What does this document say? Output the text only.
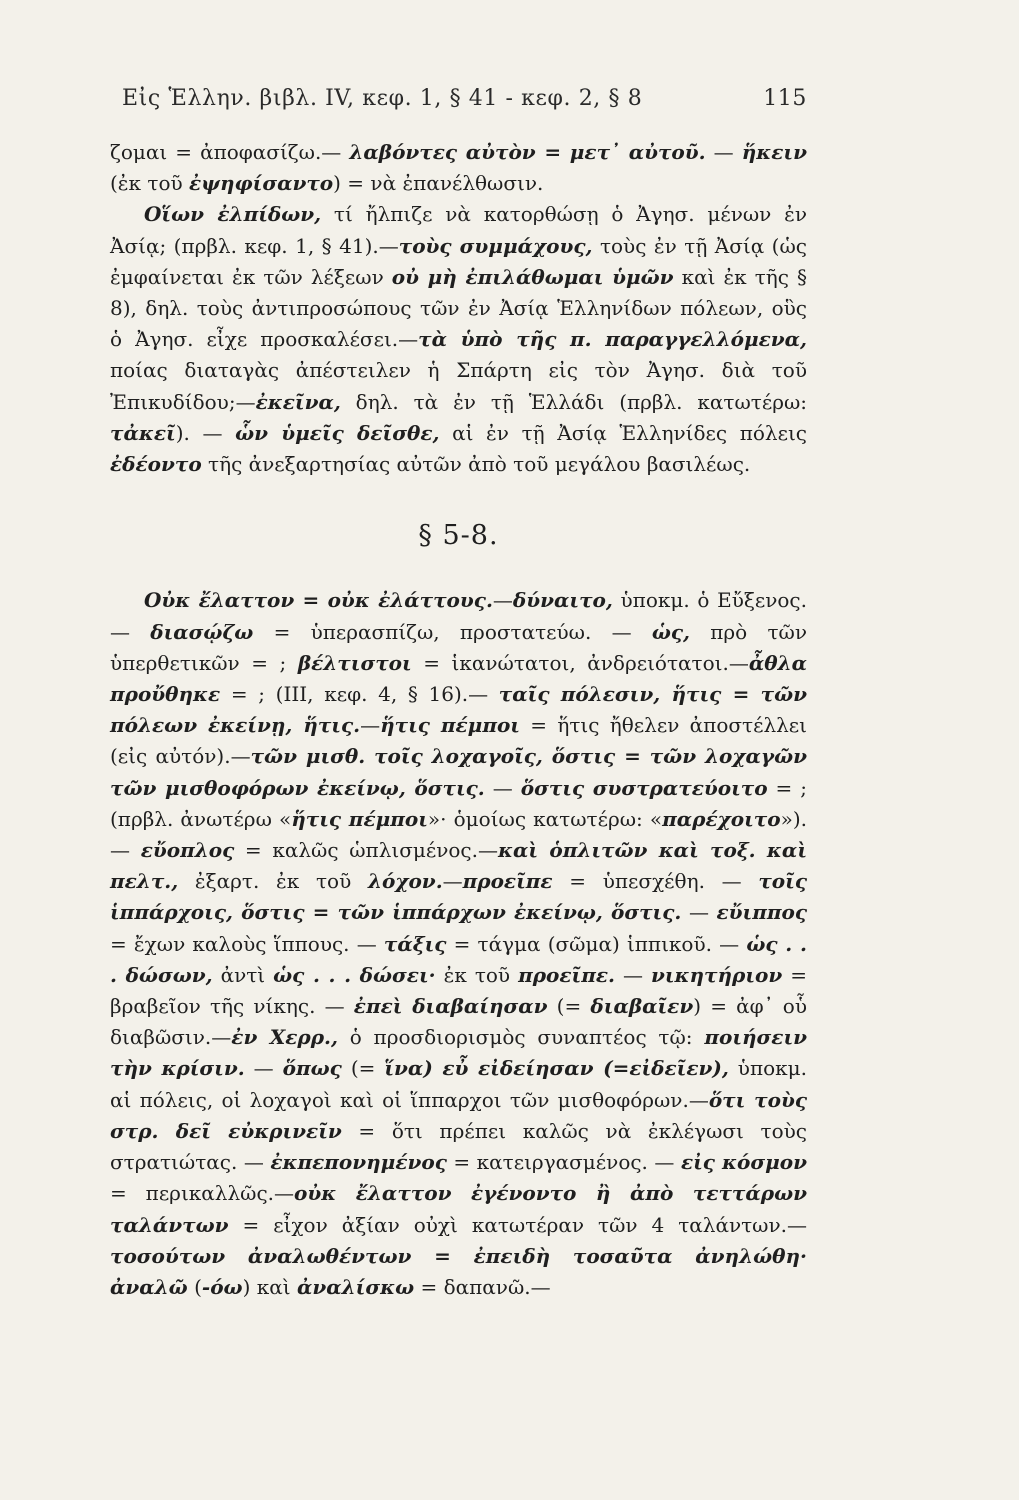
Εἰς Ἑλλην. βιβλ. IV, κεφ. 1, § 41 - κεφ. 2, § 8	115

ζομαι = ἀποφασίζω.— λαβόντες αὐτὸν = μετ᾽ αὐτοῦ. — ἥκειν (ἐκ τοῦ ἐψηφίσαντο) = νὰ ἐπανέλθωσιν.

Οἵων ἐλπίδων, τί ἤλπιζε νὰ κατορθώσῃ ὁ Ἀγησ. μένων ἐν Ἀσίᾳ; (πρβλ. κεφ. 1, § 41).—τοὺς συμμάχους, τοὺς ἐν τῇ Ἀσίᾳ (ὡς ἐμφαίνεται ἐκ τῶν λέξεων οὐ μὴ ἐπιλάθωμαι ὑμῶν καὶ ἐκ τῆς § 8), δηλ. τοὺς ἀντιπροσώπους τῶν ἐν Ἀσίᾳ Ἑλληνίδων πόλεων, οὓς ὁ Ἀγησ. εἶχε προσκαλέσει.—τὰ ὑπὸ τῆς π. παραγγελλόμενα, ποίας διαταγὰς ἀπέστειλεν ἡ Σπάρτη εἰς τὸν Ἀγησ. διὰ τοῦ Ἐπικυδίδου;—ἐκεῖνα, δηλ. τὰ ἐν τῇ Ἑλλάδι (πρβλ. κατωτέρω: τἀκεῖ). — ὧν ὑμεῖς δεῖσθε, αἱ ἐν τῇ Ἀσίᾳ Ἑλληνίδες πόλεις ἐδέοντο τῆς ἀνεξαρτησίας αὐτῶν ἀπὸ τοῦ μεγάλου βασιλέως.

§ 5-8.

Οὐκ ἔλαττον = οὐκ ἐλάττους.—δύναιτο, ὑποκμ. ὁ Εὔξενος.— διασῴζω = ὑπερασπίζω, προστατεύω. — ὡς, πρὸ τῶν ὑπερθετικῶν = ; βέλτιστοι = ἱκανώτατοι, ἀνδρειότατοι.—ἆθλα προὔθηκε = ; (III, κεφ. 4, § 16).— ταῖς πόλεσιν, ἥτις = τῶν πόλεων ἐκείνῃ, ἥτις.—ἥτις πέμποι = ἥτις ἤθελεν ἀποστέλλει (εἰς αὐτόν).—τῶν μισθ. τοῖς λοχαγοῖς, ὅστις = τῶν λοχαγῶν τῶν μισθοφόρων ἐκείνῳ, ὅστις. — ὅστις συστρατεύοιτο = ; (πρβλ. ἀνωτέρω «ἥτις πέμποι»· ὁμοίως κατωτέρω: «παρέχοιτο»).— εὔοπλος = καλῶς ὡπλισμένος.—καὶ ὁπλιτῶν καὶ τοξ. καὶ πελτ., ἐξαρτ. ἐκ τοῦ λόχον.—προεῖπε = ὑπεσχέθη. — τοῖς ἱππάρχοις, ὅστις = τῶν ἱππάρχων ἐκείνῳ, ὅστις. — εὔιππος = ἔχων καλοὺς ἵππους. — τάξις = τάγμα (σῶμα) ἱππικοῦ. — ὡς . . . δώσων, ἀντὶ ὡς . . . δώσει· ἐκ τοῦ προεῖπε. — νικητήριον = βραβεῖον τῆς νίκης. — ἐπεὶ διαβαίησαν (= διαβαῖεν) = ἀφ᾽ οὗ διαβῶσιν.—ἐν Χερρ., ὁ προσδιορισμὸς συναπτέος τῷ: ποιήσειν τὴν κρίσιν. — ὅπως (= ἵνα) εὖ εἰδείησαν (=εἰδεῖεν), ὑποκμ. αἱ πόλεις, οἱ λοχαγοὶ καὶ οἱ ἵππαρχοι τῶν μισθοφόρων.—ὅτι τοὺς στρ. δεῖ εὐκρινεῖν = ὅτι πρέπει καλῶς νὰ ἐκλέγωσι τοὺς στρατιώτας. — ἐκπεπονημένος = κατειργασμένος. — εἰς κόσμον = περικαλλῶς.—οὐκ ἔλαττον ἐγένοντο ἢ ἀπὸ τεττάρων ταλάντων = εἶχον ἀξίαν οὐχὶ κατωτέραν τῶν 4 ταλάντων.—τοσούτων ἀναλωθέντων = ἐπειδὴ τοσαῦτα ἀνηλώθη· ἀναλῶ (-όω) καὶ ἀναλίσκω = δαπανῶ.—
